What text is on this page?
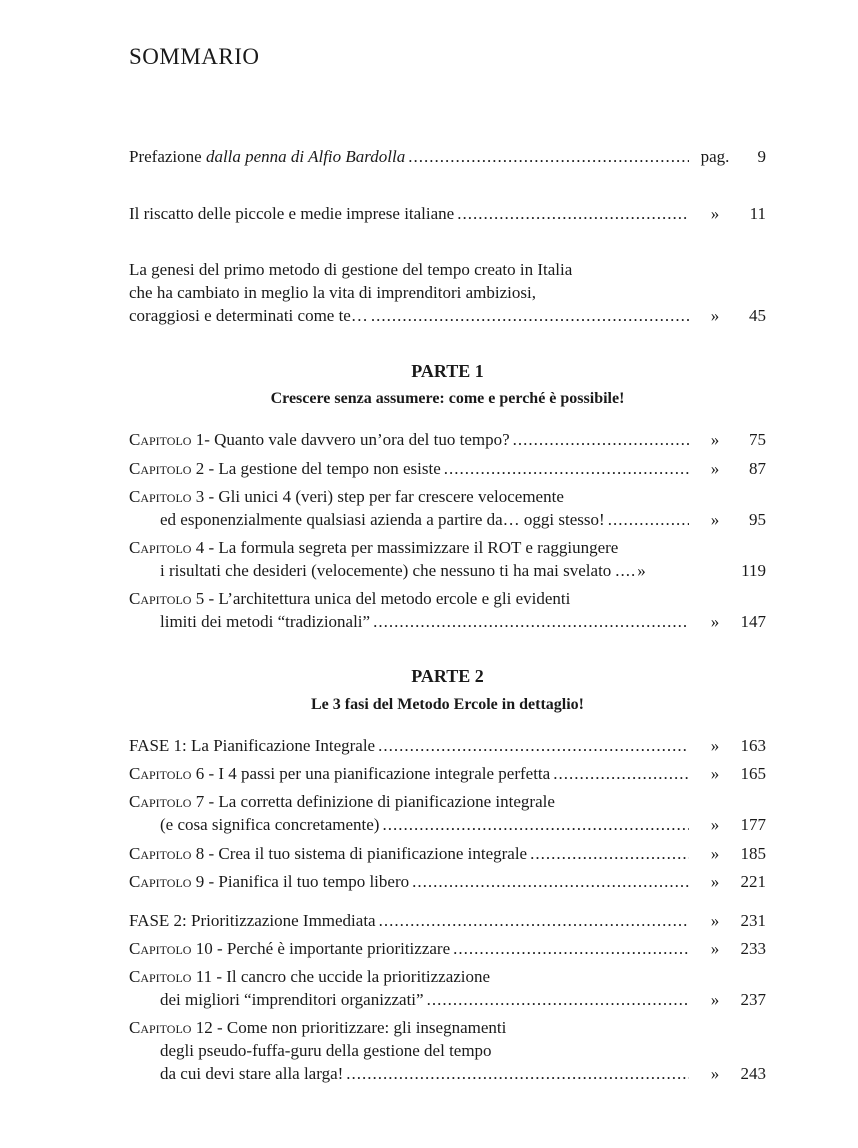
SOMMARIO
Prefazione dalla penna di Alfio Bardolla .....	pag.	9
Il riscatto delle piccole e medie imprese italiane .....	»	11
La genesi del primo metodo di gestione del tempo creato in Italia
che ha cambiato in meglio la vita di imprenditori ambiziosi,
coraggiosi e determinati come te… .....	»	45
PARTE 1
Crescere senza assumere: come e perché è possibile!
Capitolo 1- Quanto vale davvero un’ora del tuo tempo? .....	»	75
Capitolo 2 - La gestione del tempo non esiste .....	»	87
Capitolo 3 - Gli unici 4 (veri) step per far crescere velocemente
ed esponenzialmente qualsiasi azienda a partire da… oggi stesso! .....	»	95
Capitolo 4 - La formula segreta per massimizzare il ROT e raggiungere
i risultati che desideri (velocemente) che nessuno ti ha mai svelato ..... »	119
Capitolo 5 - L’architettura unica del metodo ercole e gli evidenti
limiti dei metodi “tradizionali” .....	»	147
PARTE 2
Le 3 fasi del Metodo Ercole in dettaglio!
FASE 1: La Pianificazione Integrale .....	»	163
Capitolo 6 - I 4 passi per una pianificazione integrale perfetta .....	»	165
Capitolo 7 - La corretta definizione di pianificazione integrale
(e cosa significa concretamente) .....	»	177
Capitolo 8 - Crea il tuo sistema di pianificazione integrale .....	»	185
Capitolo 9 - Pianifica il tuo tempo libero .....	»	221
FASE 2: Prioritizzazione Immediata .....	»	231
Capitolo 10 - Perché è importante prioritizzare .....	»	233
Capitolo 11 - Il cancro che uccide la prioritizzazione
dei migliori “imprenditori organizzati” .....	»	237
Capitolo 12 - Come non prioritizzare: gli insegnamenti
degli pseudo-fuffa-guru della gestione del tempo
da cui devi stare alla larga! .....	»	243
